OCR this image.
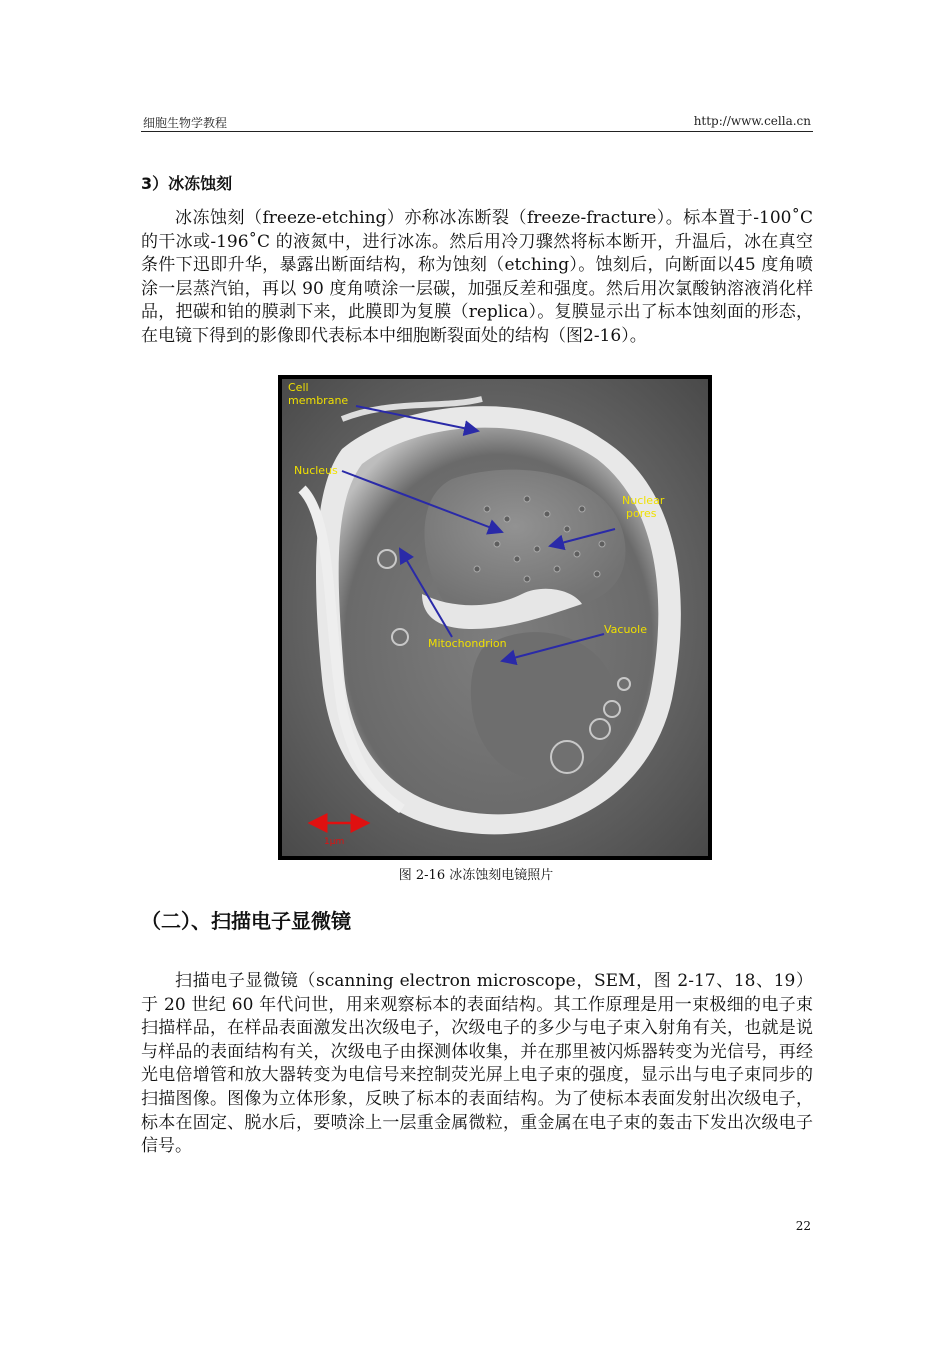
细胞生物学教程	http://www.cella.cn
3）冰冻蚀刻

冰冻蚀刻（freeze-etching）亦称冰冻断裂（freeze-fracture）。标本置于-100˚C的干冰或-196˚C 的液氮中，进行冰冻。然后用冷刀骤然将标本断开，升温后，冰在真空条件下迅即升华，暴露出断面结构，称为蚀刻（etching）。蚀刻后，向断面以45 度角喷涂一层蒸汽铂，再以 90 度角喷涂一层碳，加强反差和强度。然后用次氯酸钠溶液消化样品，把碳和铂的膜剥下来，此膜即为复膜（replica）。复膜显示出了标本蚀刻面的形态，在电镜下得到的影像即代表标本中细胞断裂面处的结构（图2-16）。

Cell
membrane
Nucleus
Nuclear
pores
Vacuole
Mitochondrion
1μm
图 2-16 冰冻蚀刻电镜照片
（二）、扫描电子显微镜

扫描电子显微镜（scanning electron microscope，SEM，图 2-17、18、19）于 20 世纪 60 年代问世，用来观察标本的表面结构。其工作原理是用一束极细的电子束扫描样品，在样品表面激发出次级电子，次级电子的多少与电子束入射角有关，也就是说与样品的表面结构有关，次级电子由探测体收集，并在那里被闪烁器转变为光信号，再经光电倍增管和放大器转变为电信号来控制荧光屏上电子束的强度，显示出与电子束同步的扫描图像。图像为立体形象，反映了标本的表面结构。为了使标本表面发射出次级电子，标本在固定、脱水后，要喷涂上一层重金属微粒，重金属在电子束的轰击下发出次级电子信号。

22
